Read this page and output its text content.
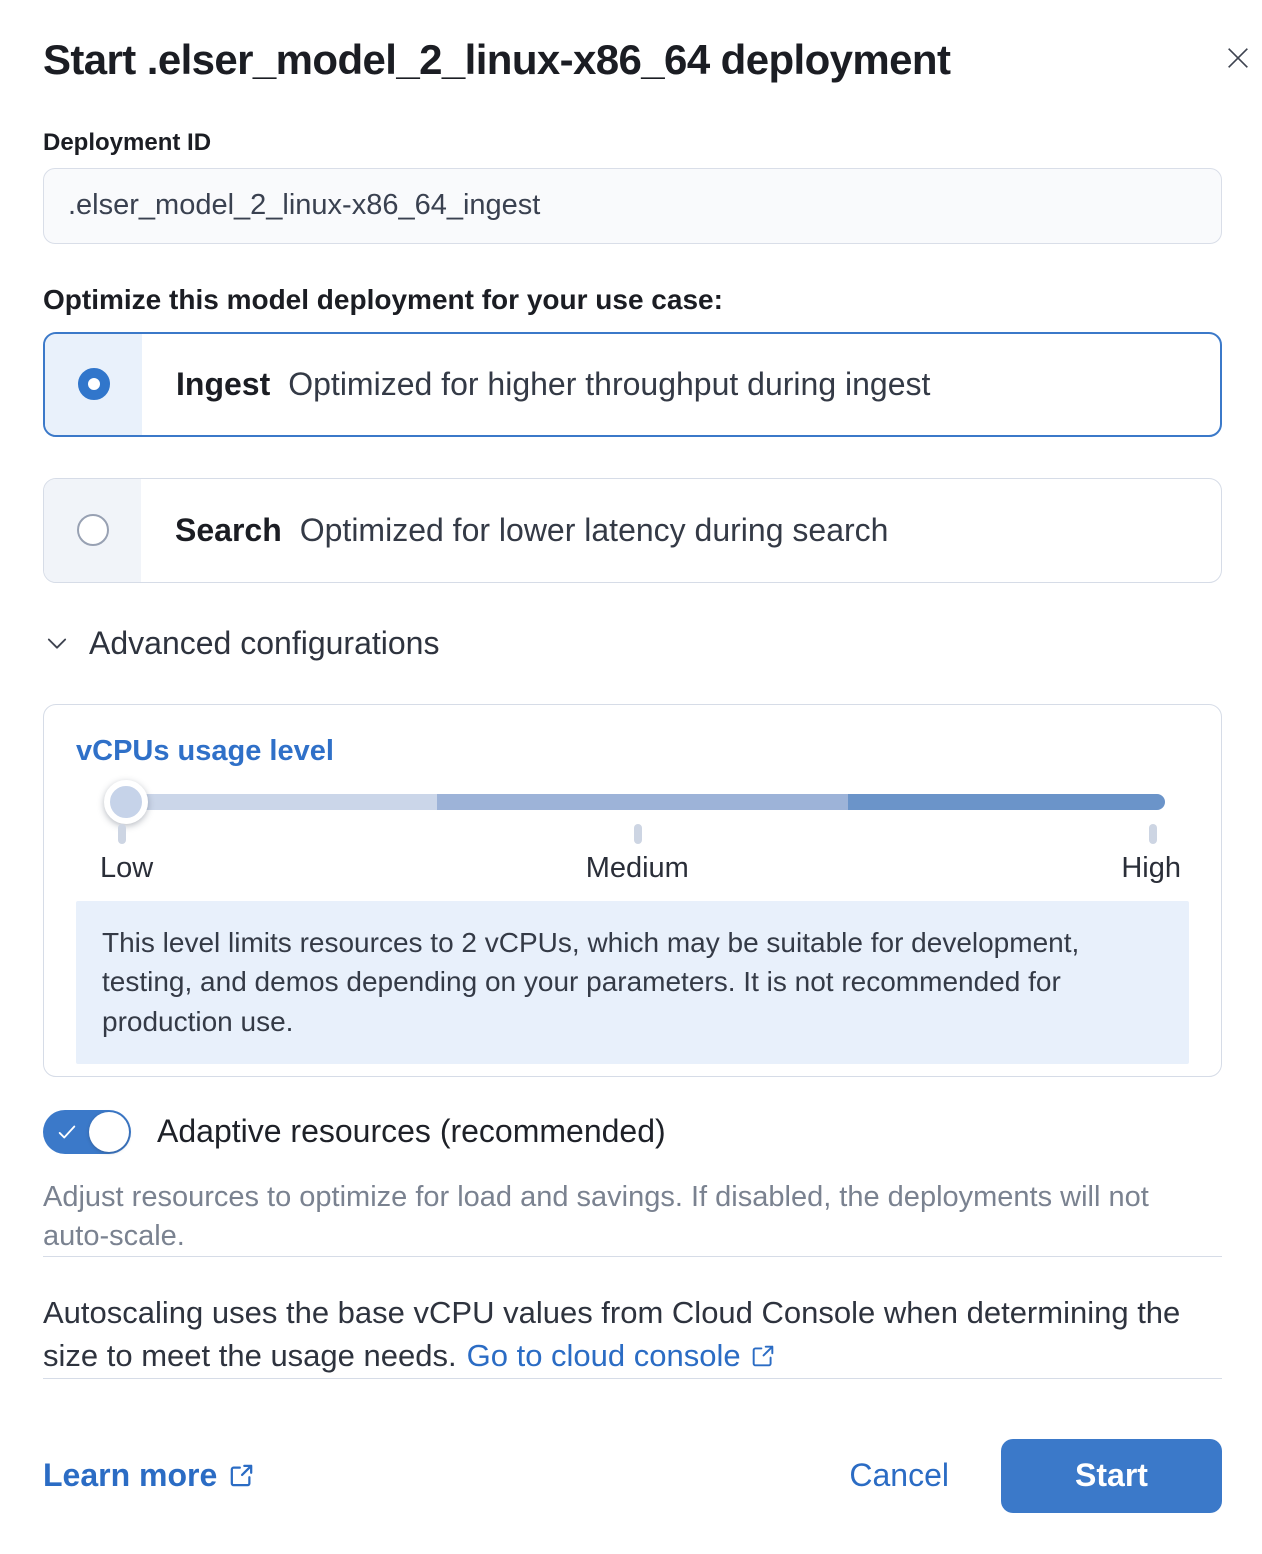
Start .elser_model_2_linux-x86_64 deployment
Deployment ID
.elser_model_2_linux-x86_64_ingest
Optimize this model deployment for your use case:
Ingest Optimized for higher throughput during ingest
Search Optimized for lower latency during search
Advanced configurations
vCPUs usage level
Low	Medium	High
This level limits resources to 2 vCPUs, which may be suitable for development, testing, and demos depending on your parameters. It is not recommended for production use.
Adaptive resources (recommended)

Adjust resources to optimize for load and savings. If disabled, the deployments will not auto-scale.

Autoscaling uses the base vCPU values from Cloud Console when determining the size to meet the usage needs. Go to cloud console

Learn more	Cancel	Start
